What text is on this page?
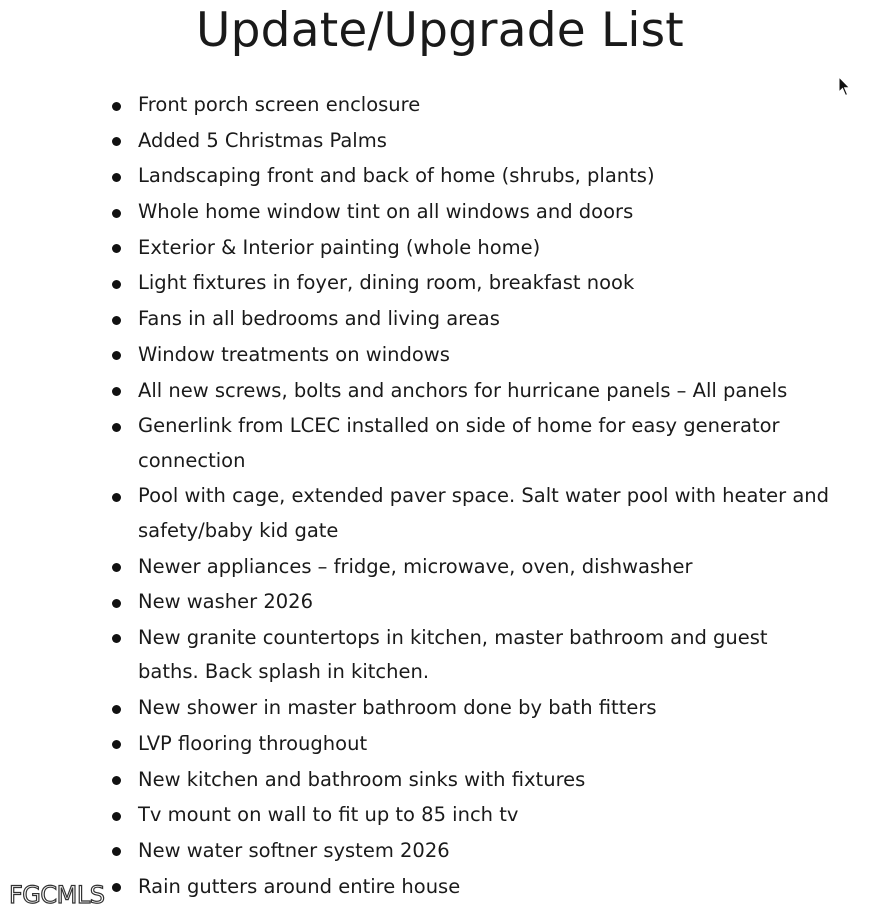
Update/Upgrade List
Front porch screen enclosure
Added 5 Christmas Palms
Landscaping front and back of home (shrubs, plants)
Whole home window tint on all windows and doors
Exterior & Interior painting (whole home)
Light fixtures in foyer, dining room, breakfast nook
Fans in all bedrooms and living areas
Window treatments on windows
All new screws, bolts and anchors for hurricane panels – All panels
Generlink from LCEC installed on side of home for easy generator connection
Pool with cage, extended paver space. Salt water pool with heater and safety/baby kid gate
Newer appliances – fridge, microwave, oven, dishwasher
New washer 2026
New granite countertops in kitchen, master bathroom and guest baths. Back splash in kitchen.
New shower in master bathroom done by bath fitters
LVP flooring throughout
New kitchen and bathroom sinks with fixtures
Tv mount on wall to fit up to 85 inch tv
New water softner system 2026
Rain gutters around entire house
FGCMLS
